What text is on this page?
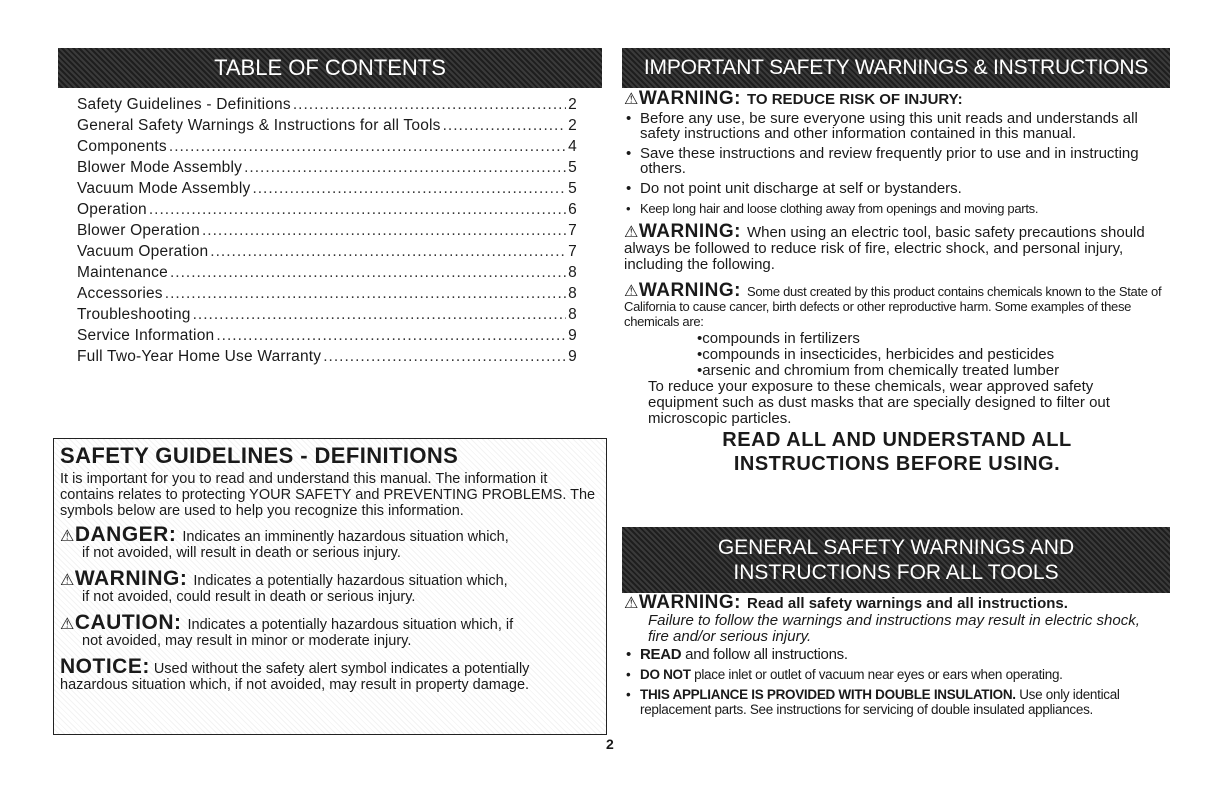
TABLE OF CONTENTS
Safety Guidelines - Definitions .....	2
General Safety Warnings & Instructions for all Tools .....	2
Components .....	4
Blower Mode Assembly .....	5
Vacuum Mode Assembly .....	5
Operation .....	6
Blower Operation .....	7
Vacuum Operation .....	7
Maintenance .....	8
Accessories .....	8
Troubleshooting .....	8
Service Information .....	9
Full Two-Year Home Use Warranty .....	9
SAFETY GUIDELINES - DEFINITIONS
It is important for you to read and understand this manual. The information it contains relates to protecting YOUR SAFETY and PREVENTING PROBLEMS. The symbols below are used to help you recognize this information.
⚠DANGER: Indicates an imminently hazardous situation which,
if not avoided, will result in death or serious injury.
⚠WARNING: Indicates a potentially hazardous situation which,
if not avoided, could result in death or serious injury.
⚠CAUTION: Indicates a potentially hazardous situation which, if
not avoided, may result in minor or moderate injury.
NOTICE: Used without the safety alert symbol indicates a potentially hazardous situation which, if not avoided, may result in property damage.
IMPORTANT SAFETY WARNINGS & INSTRUCTIONS
⚠WARNING: TO REDUCE RISK OF INJURY:
• Before any use, be sure everyone using this unit reads and understands all safety instructions and other information contained in this manual.
• Save these instructions and review frequently prior to use and in instructing others.
• Do not point unit discharge at self or bystanders.
• Keep long hair and loose clothing away from openings and moving parts.
⚠WARNING: When using an electric tool, basic safety precautions should always be followed to reduce risk of fire, electric shock, and personal injury, including the following.
⚠WARNING: Some dust created by this product contains chemicals known to the State of California to cause cancer, birth defects or other reproductive harm. Some examples of these chemicals are:
• compounds in fertilizers
• compounds in insecticides, herbicides and pesticides
• arsenic and chromium from chemically treated lumber
To reduce your exposure to these chemicals, wear approved safety equipment such as dust masks that are specially designed to filter out microscopic particles.
READ ALL AND UNDERSTAND ALL
INSTRUCTIONS BEFORE USING.
GENERAL SAFETY WARNINGS AND
INSTRUCTIONS FOR ALL TOOLS
⚠WARNING: Read all safety warnings and all instructions.
Failure to follow the warnings and instructions may result in electric shock, fire and/or serious injury.
• READ and follow all instructions.
• DO NOT place inlet or outlet of vacuum near eyes or ears when operating.
• THIS APPLIANCE IS PROVIDED WITH DOUBLE INSULATION. Use only identical replacement parts. See instructions for servicing of double insulated appliances.
2
